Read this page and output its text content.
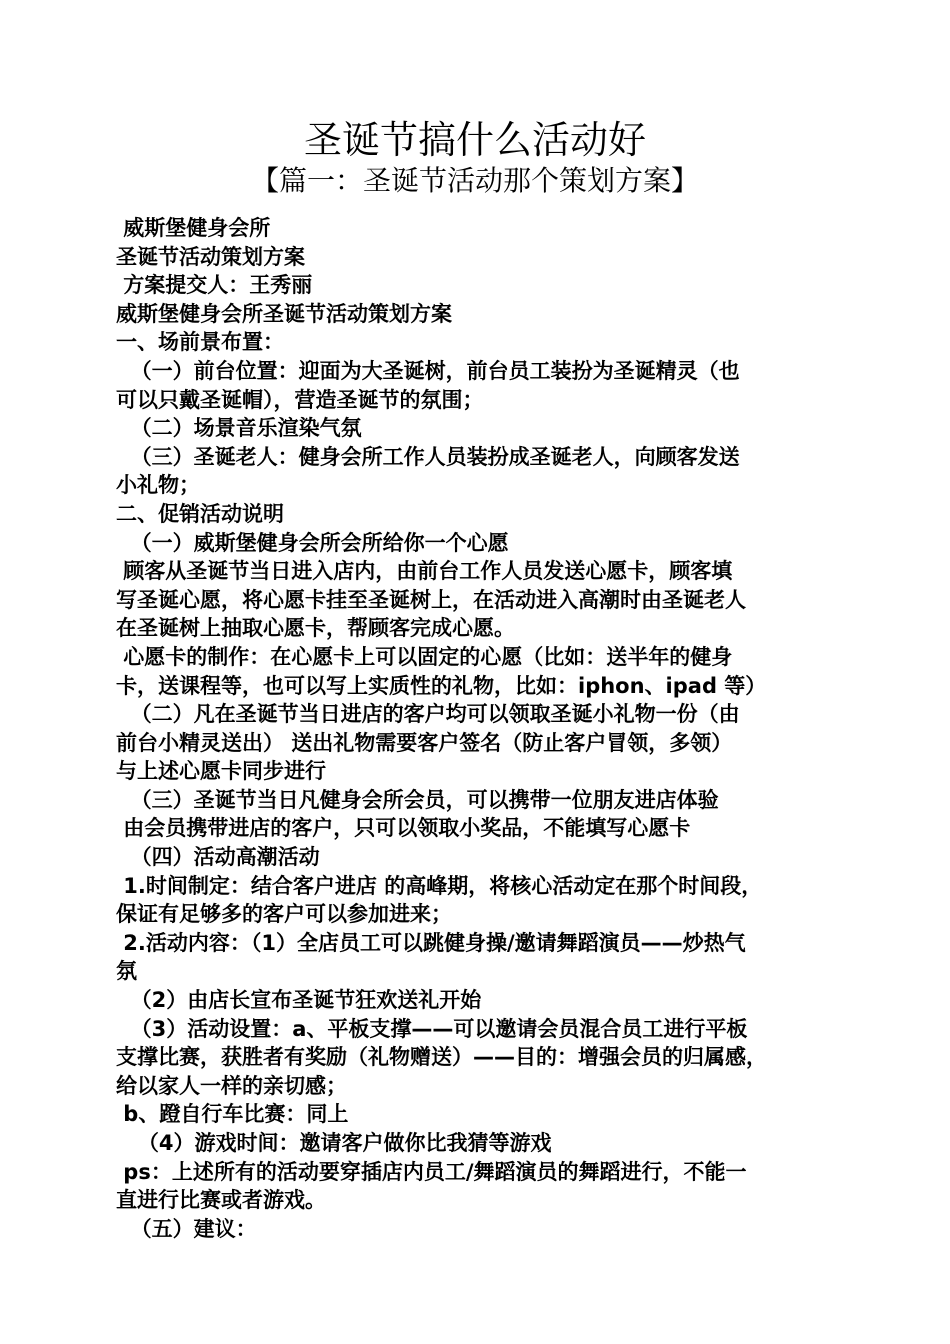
圣诞节搞什么活动好
【篇一：圣诞节活动那个策划方案】
威斯堡健身会所
圣诞节活动策划方案
方案提交人：王秀丽
威斯堡健身会所圣诞节活动策划方案
一、场前景布置：
（一）前台位置：迎面为大圣诞树，前台员工装扮为圣诞精灵（也
可以只戴圣诞帽），营造圣诞节的氛围；
（二）场景音乐渲染气氛
（三）圣诞老人：健身会所工作人员装扮成圣诞老人，向顾客发送
小礼物；
二、促销活动说明
（一）威斯堡健身会所会所给你一个心愿
顾客从圣诞节当日进入店内，由前台工作人员发送心愿卡，顾客填
写圣诞心愿，将心愿卡挂至圣诞树上，在活动进入高潮时由圣诞老人
在圣诞树上抽取心愿卡，帮顾客完成心愿。
心愿卡的制作：在心愿卡上可以固定的心愿（比如：送半年的健身
卡，送课程等，也可以写上实质性的礼物，比如：iphon、ipad 等）
（二）凡在圣诞节当日进店的客户均可以领取圣诞小礼物一份（由
前台小精灵送出） 送出礼物需要客户签名（防止客户冒领，多领）
与上述心愿卡同步进行
（三）圣诞节当日凡健身会所会员，可以携带一位朋友进店体验
由会员携带进店的客户，只可以领取小奖品，不能填写心愿卡
（四）活动高潮活动
1.时间制定：结合客户进店 的高峰期，将核心活动定在那个时间段，
保证有足够多的客户可以参加进来；
2.活动内容：（1）全店员工可以跳健身操/邀请舞蹈演员——炒热气
氛
（2）由店长宣布圣诞节狂欢送礼开始
（3）活动设置：a、平板支撑——可以邀请会员混合员工进行平板
支撑比赛，获胜者有奖励（礼物赠送）——目的：增强会员的归属感，
给以家人一样的亲切感；
b、蹬自行车比赛：同上
（4）游戏时间：邀请客户做你比我猜等游戏
ps：上述所有的活动要穿插店内员工/舞蹈演员的舞蹈进行，不能一
直进行比赛或者游戏。
（五）建议：
